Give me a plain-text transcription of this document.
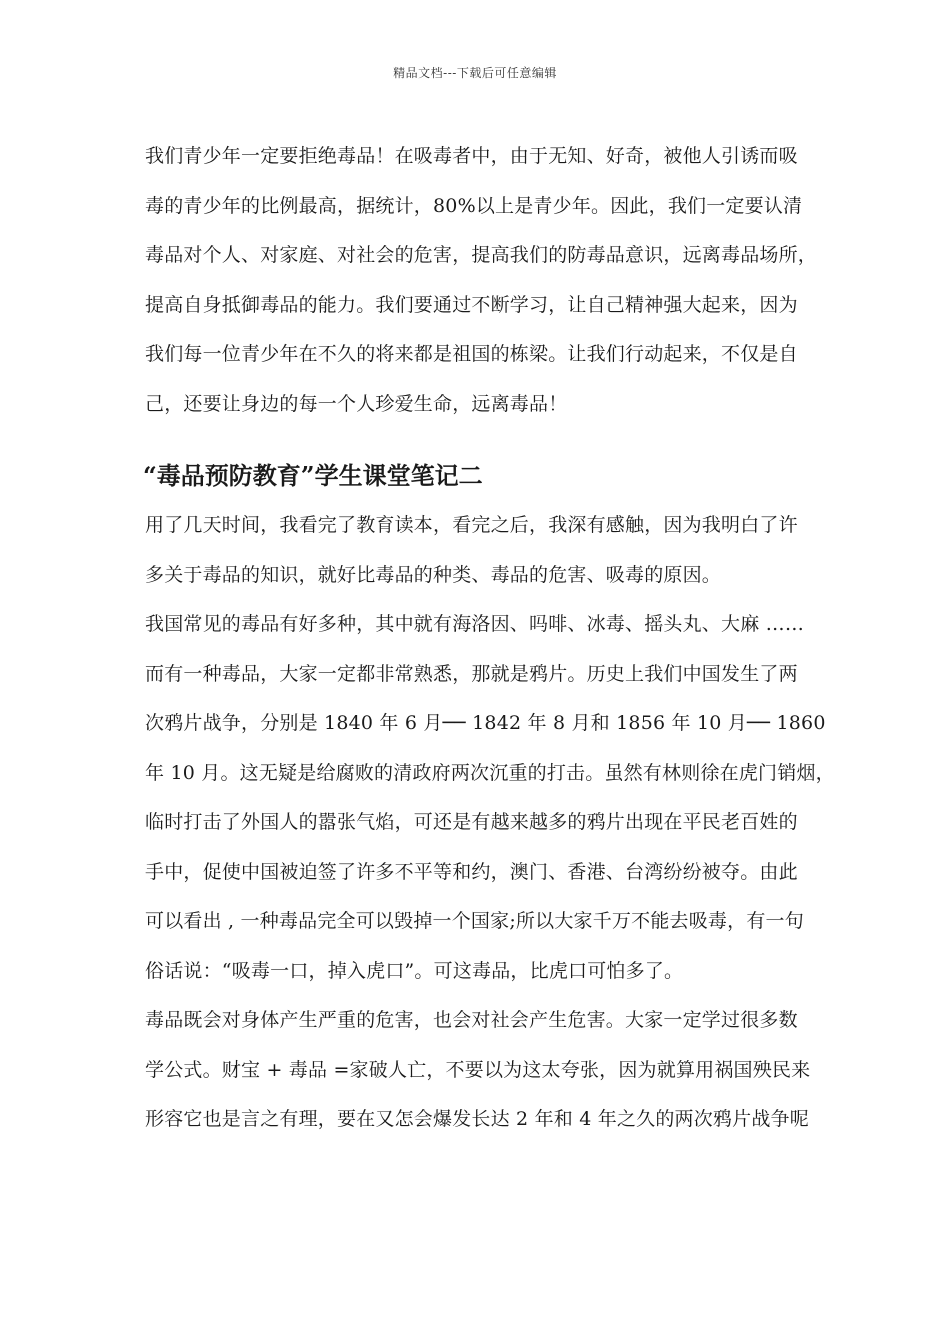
精品文档---下载后可任意编辑
我们青少年一定要拒绝毒品！在吸毒者中，由于无知、好奇，被他人引诱而吸
毒的青少年的比例最高，据统计，80%以上是青少年。因此，我们一定要认清
毒品对个人、对家庭、对社会的危害，提高我们的防毒品意识，远离毒品场所，
提高自身抵御毒品的能力。我们要通过不断学习，让自己精神强大起来，因为
我们每一位青少年在不久的将来都是祖国的栋梁。让我们行动起来，不仅是自
己，还要让身边的每一个人珍爱生命，远离毒品！
“毒品预防教育”学生课堂笔记二
用了几天时间，我看完了教育读本，看完之后，我深有感触，因为我明白了许
多关于毒品的知识，就好比毒品的种类、毒品的危害、吸毒的原因。
我国常见的毒品有好多种，其中就有海洛因、吗啡、冰毒、摇头丸、大麻 ……
而有一种毒品，大家一定都非常熟悉，那就是鸦片。历史上我们中国发生了两
次鸦片战争，分别是 1840 年 6 月── 1842 年 8 月和 1856 年 10 月── 1860
年 10 月。这无疑是给腐败的清政府两次沉重的打击。虽然有林则徐在虎门销烟，
临时打击了外国人的嚣张气焰，可还是有越来越多的鸦片出现在平民老百姓的
手中，促使中国被迫签了许多不平等和约，澳门、香港、台湾纷纷被夺。由此
可以看出 , 一种毒品完全可以毁掉一个国家;所以大家千万不能去吸毒，有一句
俗话说：“吸毒一口，掉入虎口”。可这毒品，比虎口可怕多了。
毒品既会对身体产生严重的危害，也会对社会产生危害。大家一定学过很多数
学公式。财宝 + 毒品 =家破人亡，不要以为这太夸张，因为就算用祸国殃民来
形容它也是言之有理，要在又怎会爆发长达 2 年和 4 年之久的两次鸦片战争呢
